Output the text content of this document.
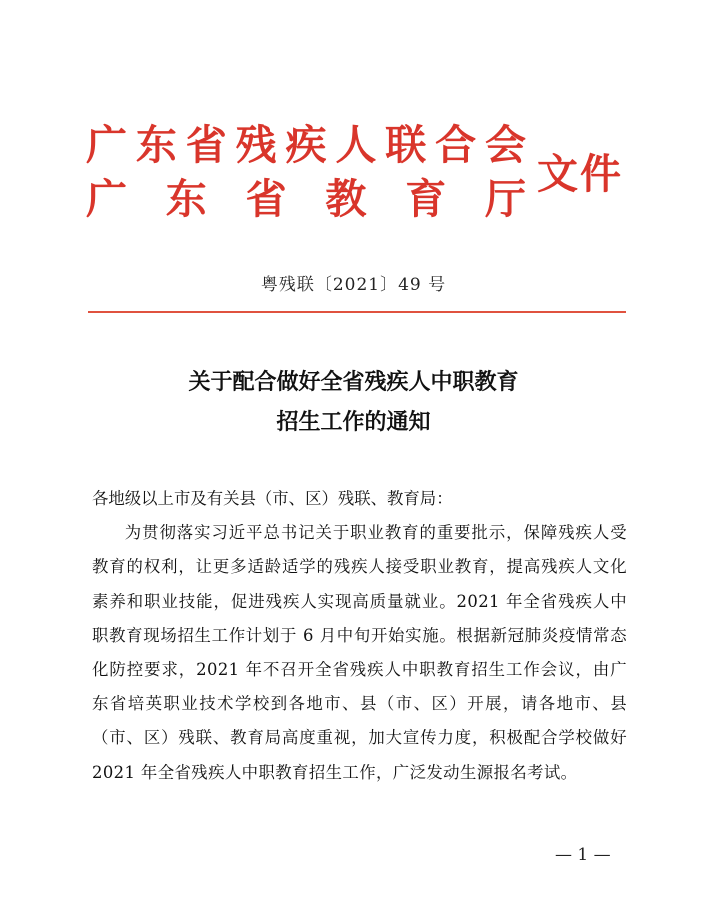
广 东 省 残 疾 人 联 合 会
广 东 省 教 育 厅
文件
粤残联〔2021〕49 号
关于配合做好全省残疾人中职教育
招生工作的通知

各地级以上市及有关县（市、区）残联、教育局：

为贯彻落实习近平总书记关于职业教育的重要批示，保障残疾人受教育的权利，让更多适龄适学的残疾人接受职业教育，提高残疾人文化素养和职业技能，促进残疾人实现高质量就业。2021 年全省残疾人中职教育现场招生工作计划于 6 月中旬开始实施。根据新冠肺炎疫情常态化防控要求，2021 年不召开全省残疾人中职教育招生工作会议，由广东省培英职业技术学校到各地市、县（市、区）开展，请各地市、县（市、区）残联、教育局高度重视，加大宣传力度，积极配合学校做好 2021 年全省残疾人中职教育招生工作，广泛发动生源报名考试。

— 1 —
